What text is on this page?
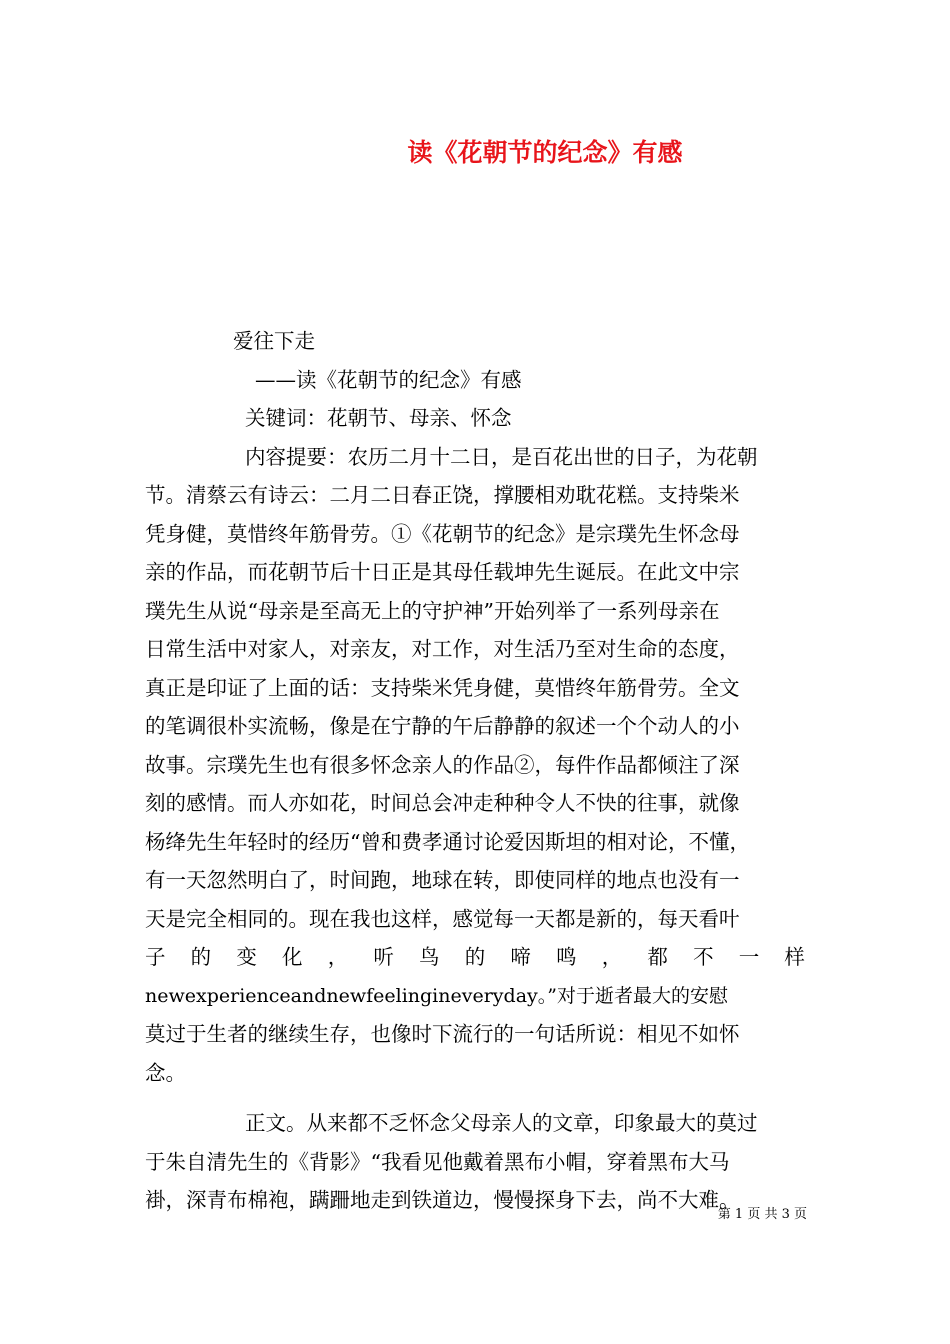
读《花朝节的纪念》有感
爱往下走
——读《花朝节的纪念》有感
关键词：花朝节、母亲、怀念
内容提要：农历二月十二日，是百花出世的日子，为花朝
节。清蔡云有诗云：二月二日春正饶，撑腰相劝耽花糕。支持柴米
凭身健，莫惜终年筋骨劳。①《花朝节的纪念》是宗璞先生怀念母
亲的作品，而花朝节后十日正是其母任载坤先生诞辰。在此文中宗
璞先生从说“母亲是至高无上的守护神”开始列举了一系列母亲在
日常生活中对家人，对亲友，对工作，对生活乃至对生命的态度，
真正是印证了上面的话：支持柴米凭身健，莫惜终年筋骨劳。全文
的笔调很朴实流畅，像是在宁静的午后静静的叙述一个个动人的小
故事。宗璞先生也有很多怀念亲人的作品②，每件作品都倾注了深
刻的感情。而人亦如花，时间总会冲走种种令人不快的往事，就像
杨绛先生年轻时的经历“曾和费孝通讨论爱因斯坦的相对论，不懂，
有一天忽然明白了，时间跑，地球在转，即使同样的地点也没有一
天是完全相同的。现在我也这样，感觉每一天都是新的，每天看叶
子 的 变 化 ， 听 鸟 的 啼 鸣 ， 都 不 一 样
newexperienceandnewfeelingineveryday。”对于逝者最大的安慰
莫过于生者的继续生存，也像时下流行的一句话所说：相见不如怀
念。
正文。从来都不乏怀念父母亲人的文章，印象最大的莫过
于朱自清先生的《背影》“我看见他戴着黑布小帽，穿着黑布大马
褂，深青布棉袍，蹒跚地走到铁道边，慢慢探身下去，尚不大难。
第 1 页 共 3 页
